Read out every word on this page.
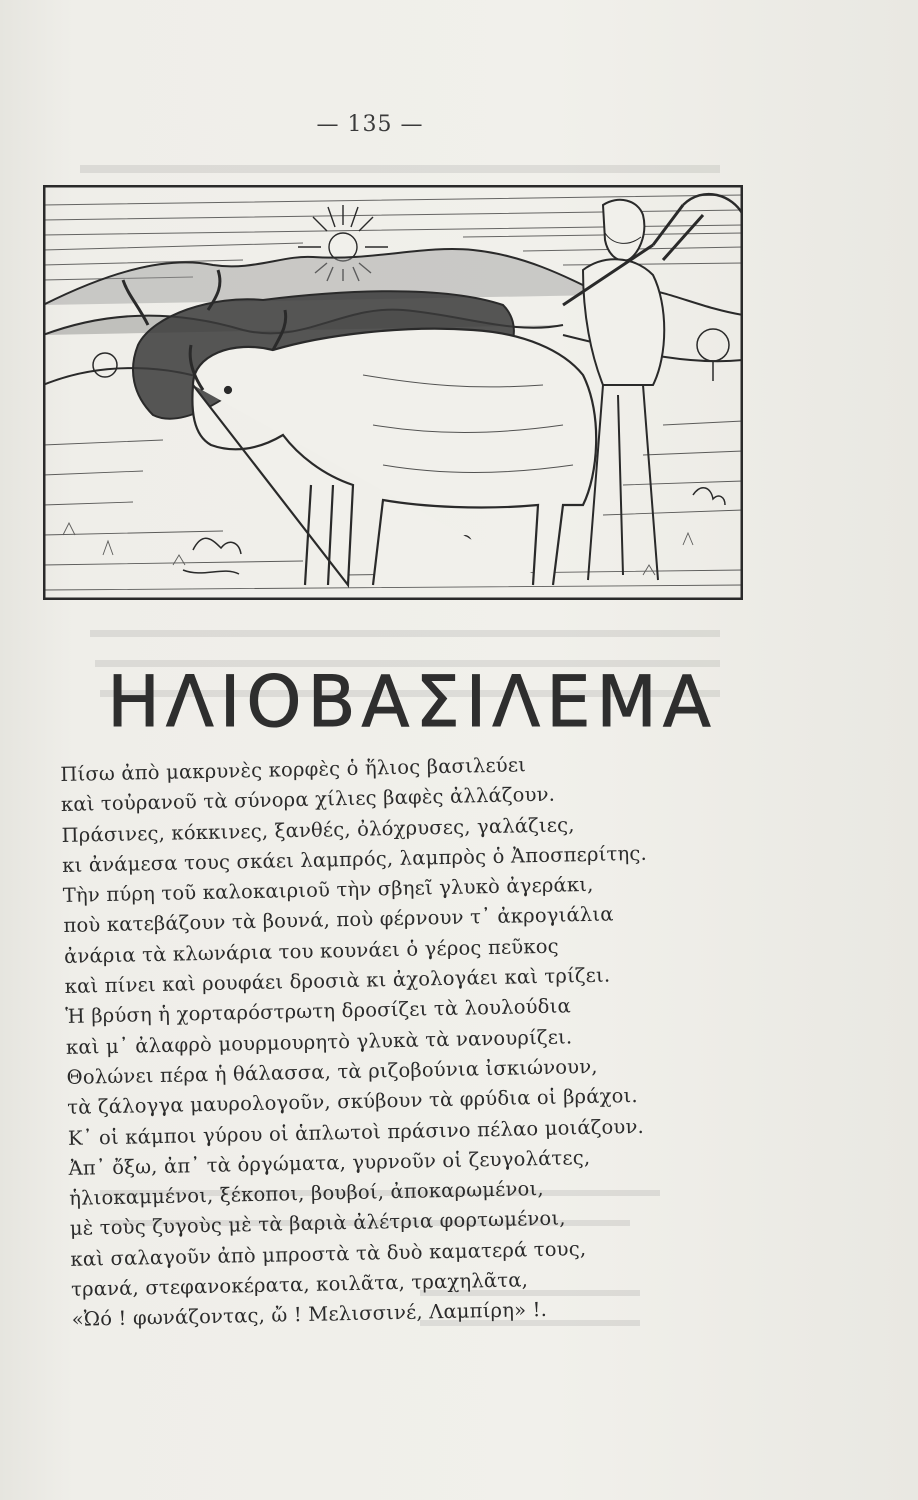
— 135 —
ΗΛΙΟΒΑΣΙΛΕΜΑ
Πίσω ἀπὸ μακρυνὲς κορφὲς ὁ ἥλιος βασιλεύει
καὶ τοὐρανοῦ τὰ σύνορα χίλιες βαφὲς ἀλλάζουν.
Πράσινες, κόκκινες, ξανθές, ὀλόχρυσες, γαλάζιες,
κι ἀνάμεσα τους σκάει λαμπρός, λαμπρὸς ὁ Ἀποσπερίτης.
Τὴν πύρη τοῦ καλοκαιριοῦ τὴν σβηεῖ γλυκὸ ἀγεράκι,
ποὺ κατεβάζουν τὰ βουνά, ποὺ φέρνουν τ᾿ ἀκρογιάλια
ἀνάρια τὰ κλωνάρια του κουνάει ὁ γέρος πεῦκος
καὶ πίνει καὶ ρουφάει δροσιὰ κι ἀχολογάει καὶ τρίζει.
Ἡ βρύση ἡ χορταρόστρωτη δροσίζει τὰ λουλούδια
καὶ μ᾿ ἀλαφρὸ μουρμουρητὸ γλυκὰ τὰ νανουρίζει.
Θολώνει πέρα ἡ θάλασσα, τὰ ριζοβούνια ἰσκιώνουν,
τὰ ζάλογγα μαυρολογοῦν, σκύβουν τὰ φρύδια οἱ βράχοι.
Κ᾿ οἱ κάμποι γύρου οἱ ἁπλωτοὶ πράσινο πέλαο μοιάζουν.
Ἀπ᾿ ὄξω, ἀπ᾿ τὰ ὀργώματα, γυρνοῦν οἱ ζευγολάτες,
ἡλιοκαμμένοι, ξέκοποι, βουβοί, ἀποκαρωμένοι,
μὲ τοὺς ζυγοὺς μὲ τὰ βαριὰ ἀλέτρια φορτωμένοι,
καὶ σαλαγοῦν ἀπὸ μπροστὰ τὰ δυὸ καματερά τους,
τρανά, στεφανοκέρατα, κοιλᾶτα, τραχηλᾶτα,
«Ὠό ! φωνάζοντας, ὤ ! Μελισσινέ, Λαμπίρη» !.
